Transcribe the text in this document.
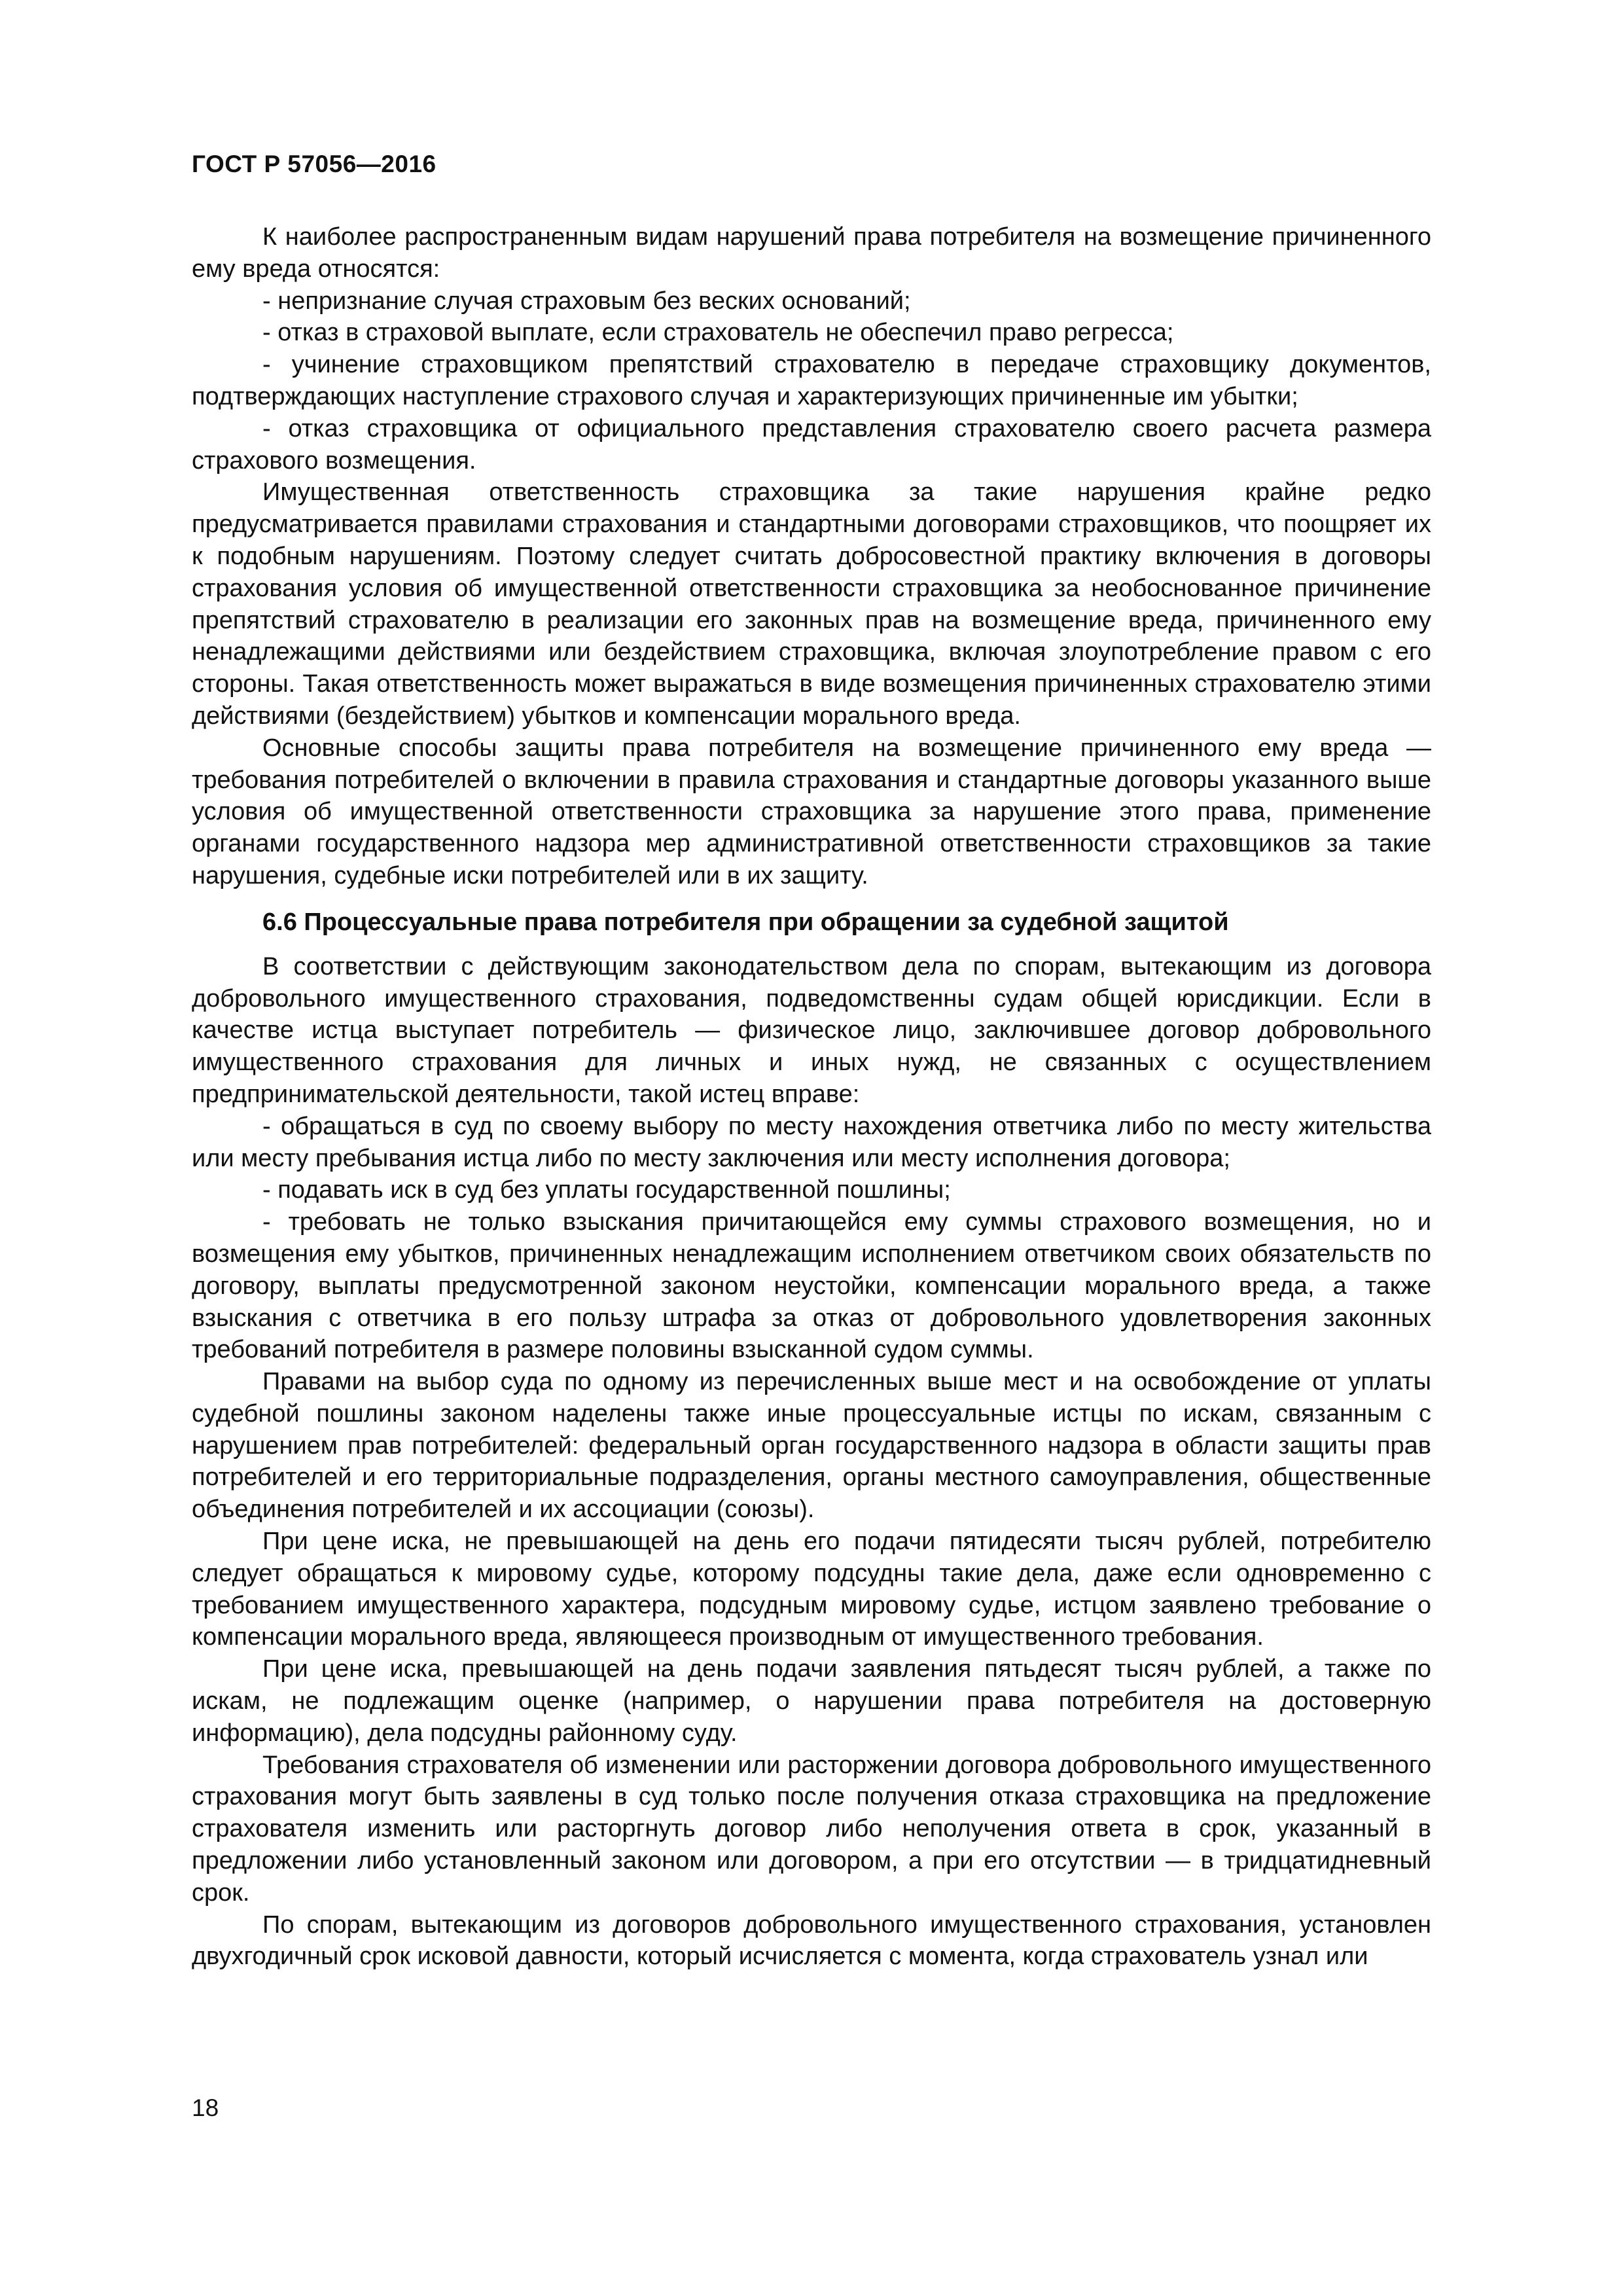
ГОСТ Р 57056—2016

К наиболее распространенным видам нарушений права потребителя на возмещение причиненного ему вреда относятся:

- непризнание случая страховым без веских оснований;

- отказ в страховой выплате, если страхователь не обеспечил право регресса;

- учинение страховщиком препятствий страхователю в передаче страховщику документов, подтверждающих наступление страхового случая и характеризующих причиненные им убытки;

- отказ страховщика от официального представления страхователю своего расчета размера страхового возмещения.

Имущественная ответственность страховщика за такие нарушения крайне редко предусматривается правилами страхования и стандартными договорами страховщиков, что поощряет их к подобным нарушениям. Поэтому следует считать добросовестной практику включения в договоры страхования условия об имущественной ответственности страховщика за необоснованное причинение препятствий страхователю в реализации его законных прав на возмещение вреда, причиненного ему ненадлежащими действиями или бездействием страховщика, включая злоупотребление правом с его стороны. Такая ответственность может выражаться в виде возмещения причиненных страхователю этими действиями (бездействием) убытков и компенсации морального вреда.

Основные способы защиты права потребителя на возмещение причиненного ему вреда — требования потребителей о включении в правила страхования и стандартные договоры указанного выше условия об имущественной ответственности страховщика за нарушение этого права, применение органами государственного надзора мер административной ответственности страховщиков за такие нарушения, судебные иски потребителей или в их защиту.

6.6 Процессуальные права потребителя при обращении за судебной защитой

В соответствии с действующим законодательством дела по спорам, вытекающим из договора добровольного имущественного страхования, подведомственны судам общей юрисдикции. Если в качестве истца выступает потребитель — физическое лицо, заключившее договор добровольного имущественного страхования для личных и иных нужд, не связанных с осуществлением предпринимательской деятельности, такой истец вправе:

- обращаться в суд по своему выбору по месту нахождения ответчика либо по месту жительства или месту пребывания истца либо по месту заключения или месту исполнения договора;

- подавать иск в суд без уплаты государственной пошлины;

- требовать не только взыскания причитающейся ему суммы страхового возмещения, но и возмещения ему убытков, причиненных ненадлежащим исполнением ответчиком своих обязательств по договору, выплаты предусмотренной законом неустойки, компенсации морального вреда, а также взыскания с ответчика в его пользу штрафа за отказ от добровольного удовлетворения законных требований потребителя в размере половины взысканной судом суммы.

Правами на выбор суда по одному из перечисленных выше мест и на освобождение от уплаты судебной пошлины законом наделены также иные процессуальные истцы по искам, связанным с нарушением прав потребителей: федеральный орган государственного надзора в области защиты прав потребителей и его территориальные подразделения, органы местного самоуправления, общественные объединения потребителей и их ассоциации (союзы).

При цене иска, не превышающей на день его подачи пятидесяти тысяч рублей, потребителю следует обращаться к мировому судье, которому подсудны такие дела, даже если одновременно с требованием имущественного характера, подсудным мировому судье, истцом заявлено требование о компенсации морального вреда, являющееся производным от имущественного требования.

При цене иска, превышающей на день подачи заявления пятьдесят тысяч рублей, а также по искам, не подлежащим оценке (например, о нарушении права потребителя на достоверную информацию), дела подсудны районному суду.

Требования страхователя об изменении или расторжении договора добровольного имущественного страхования могут быть заявлены в суд только после получения отказа страховщика на предложение страхователя изменить или расторгнуть договор либо неполучения ответа в срок, указанный в предложении либо установленный законом или договором, а при его отсутствии — в тридцатидневный срок.

По спорам, вытекающим из договоров добровольного имущественного страхования, установлен двухгодичный срок исковой давности, который исчисляется с момента, когда страхователь узнал или

18
